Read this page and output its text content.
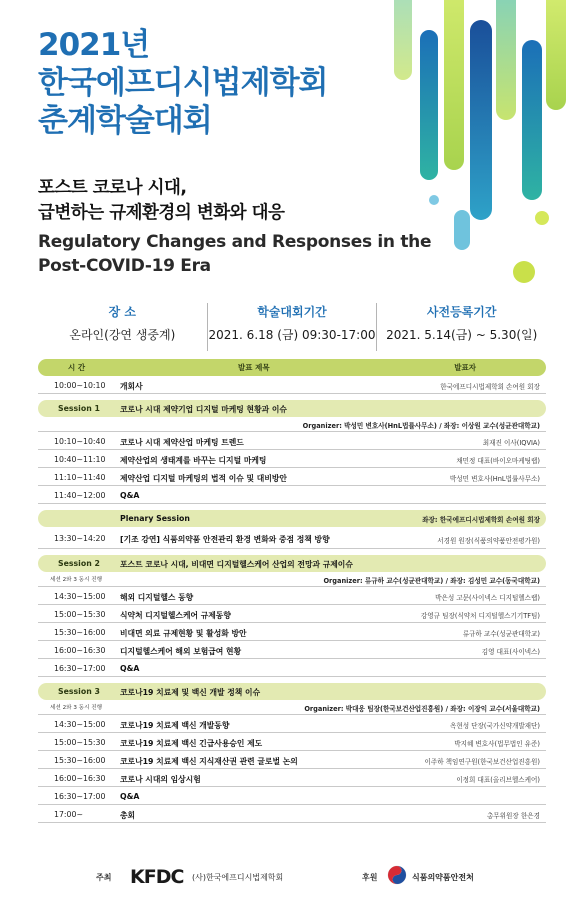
2021년
한국에프디시법제학회
춘계학술대회
포스트 코로나 시대,
급변하는 규제환경의 변화와 대응
Regulatory Changes and Responses in the
Post-COVID-19 Era
장 소
온라인(강연 생중계)
학술대회기간
2021. 6.18 (금) 09:30-17:00
사전등록기간
2021. 5.14(금) ~ 5.30(일)
시 간	발표 제목	발표자
10:00~10:10 개회사	한국에프디시법제학회 손여원 회장
Session 1	코로나 시대 제약기업 디지털 마케팅 현황과 이슈
Organizer: 박성민 변호사(HnL법률사무소) / 좌장: 이상원 교수(성균관대학교)
10:10~10:40 코로나 시대 제약산업 마케팅 트렌드	최재진 이사(IQVIA)
10:40~11:10 제약산업의 생태계를 바꾸는 디지털 마케팅	채민정 대표(바이오마케팅랩)
11:10~11:40 제약산업 디지털 마케팅의 법적 이슈 및 대비방안	박성민 변호사(HnL법률사무소)
11:40~12:00 Q&A
Plenary Session	좌장: 한국에프디시법제학회 손여원 회장
13:30~14:20 [기조 강연] 식품의약품 안전관리 환경 변화와 중점 정책 방향	서경원 원장(식품의약품안전평가원)
Session 2	포스트 코로나 시대, 비대면 디지털헬스케어 산업의 전망과 규제이슈
세션 2와 3 동시 진행	Organizer: 류규하 교수(성균관대학교) / 좌장: 김성민 교수(동국대학교)
14:30~15:00 해외 디지털헬스 동향	박은성 고문(사이넥스 디지털헬스랩)
15:00~15:30 식약처 디지털헬스케어 규제동향	강영규 팀장(식약처 디지털헬스기기TF팀)
15:30~16:00 비대면 의료 규제현황 및 활성화 방안	류규하 교수(성균관대학교)
16:00~16:30 디지털헬스케어 해외 보험급여 현황	김영 대표(사이넥스)
16:30~17:00 Q&A
Session 3	코로나19 치료제 및 백신 개발 정책 이슈
세션 2와 3 동시 진행	Organizer: 박대웅 팀장(한국보건산업진흥원) / 좌장: 이장익 교수(서울대학교)
14:30~15:00 코로나19 치료제 백신 개발동향	옥현성 단장(국가신약개발재단)
15:00~15:30 코로나19 치료제 백신 긴급사용승인 제도	박지혜 변호사(법무법인 유준)
15:30~16:00 코로나19 치료제 백신 지식재산권 관련 글로벌 논의	이주하 책임연구원(한국보건산업진흥원)
16:00~16:30 코로나 시대의 임상시험	이정희 대표(올리브헬스케어)
16:30~17:00 Q&A
17:00~	총회	총무위원장 한은경
주최 KFDC (사)한국에프디시법제학회	후원	식품의약품안전처
